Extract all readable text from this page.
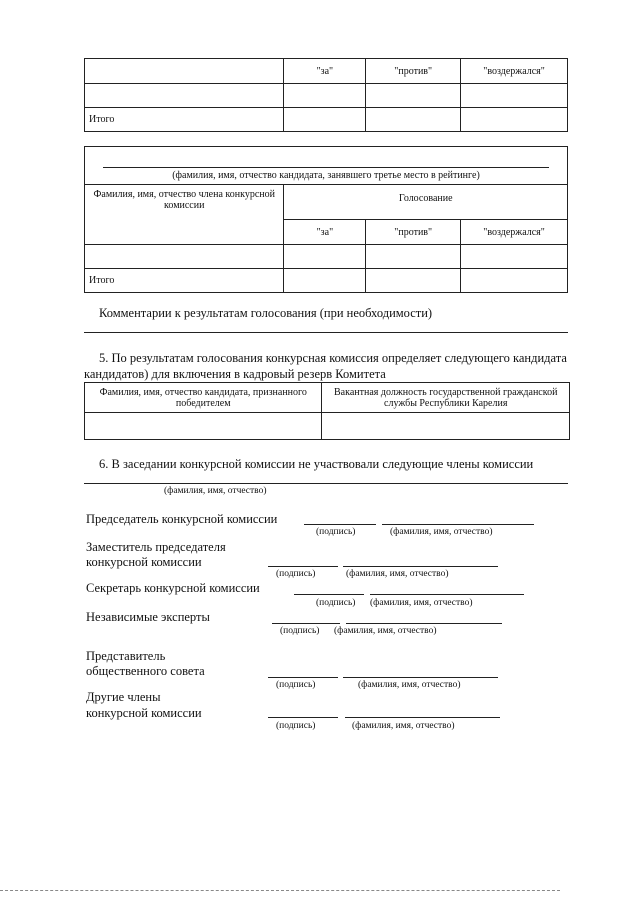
	"за"	"против"	"воздержался"

Итого			
(фамилия, имя, отчество кандидата, занявшего третье место в рейтинге)			

Фамилия, имя, отчество члена конкурсной комиссии	Голосование		
	"за"	"против"	"воздержался"

Итого			
Комментарии к результатам голосования (при необходимости)
5. По результатам голосования конкурсная комиссия определяет следующего кандидата
кандидатов) для включения в кадровый резерв Комитета
Фамилия, имя, отчество кандидата, признанного победителем	Вакантная должность государственной гражданской службы Республики Карелия

6. В заседании конкурсной комиссии не участвовали следующие члены комиссии
(фамилия, имя, отчество)
Председатель конкурсной комиссии
(подпись)	(фамилия, имя, отчество)
Заместитель председателя
конкурсной комиссии
(подпись)	(фамилия, имя, отчество)
Секретарь конкурсной комиссии
(подпись) (фамилия, имя, отчество)
Независимые эксперты
(подпись) (фамилия, имя, отчество)
Представитель
общественного совета
(подпись)	(фамилия, имя, отчество)
Другие члены
конкурсной комиссии
(подпись)	(фамилия, имя, отчество)
